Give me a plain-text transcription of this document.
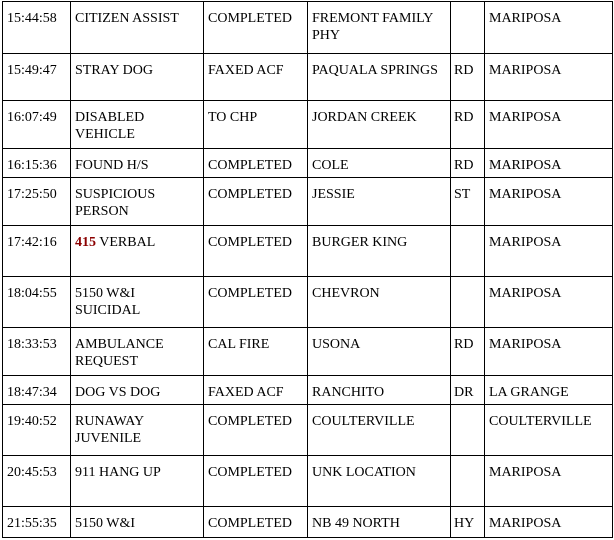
15:44:58	CITIZEN ASSIST	COMPLETED	FREMONT FAMILY PHY		MARIPOSA
15:49:47	STRAY DOG	FAXED ACF	PAQUALA SPRINGS	RD	MARIPOSA
16:07:49	DISABLED VEHICLE	TO CHP	JORDAN CREEK	RD	MARIPOSA
16:15:36	FOUND H/S	COMPLETED	COLE	RD	MARIPOSA
17:25:50	SUSPICIOUS PERSON	COMPLETED	JESSIE	ST	MARIPOSA
17:42:16	415 VERBAL	COMPLETED	BURGER KING		MARIPOSA
18:04:55	5150 W&I SUICIDAL	COMPLETED	CHEVRON		MARIPOSA
18:33:53	AMBULANCE REQUEST	CAL FIRE	USONA	RD	MARIPOSA
18:47:34	DOG VS DOG	FAXED ACF	RANCHITO	DR	LA GRANGE
19:40:52	RUNAWAY JUVENILE	COMPLETED	COULTERVILLE		COULTERVILLE
20:45:53	911 HANG UP	COMPLETED	UNK LOCATION		MARIPOSA
21:55:35	5150 W&I	COMPLETED	NB 49 NORTH	HY	MARIPOSA
